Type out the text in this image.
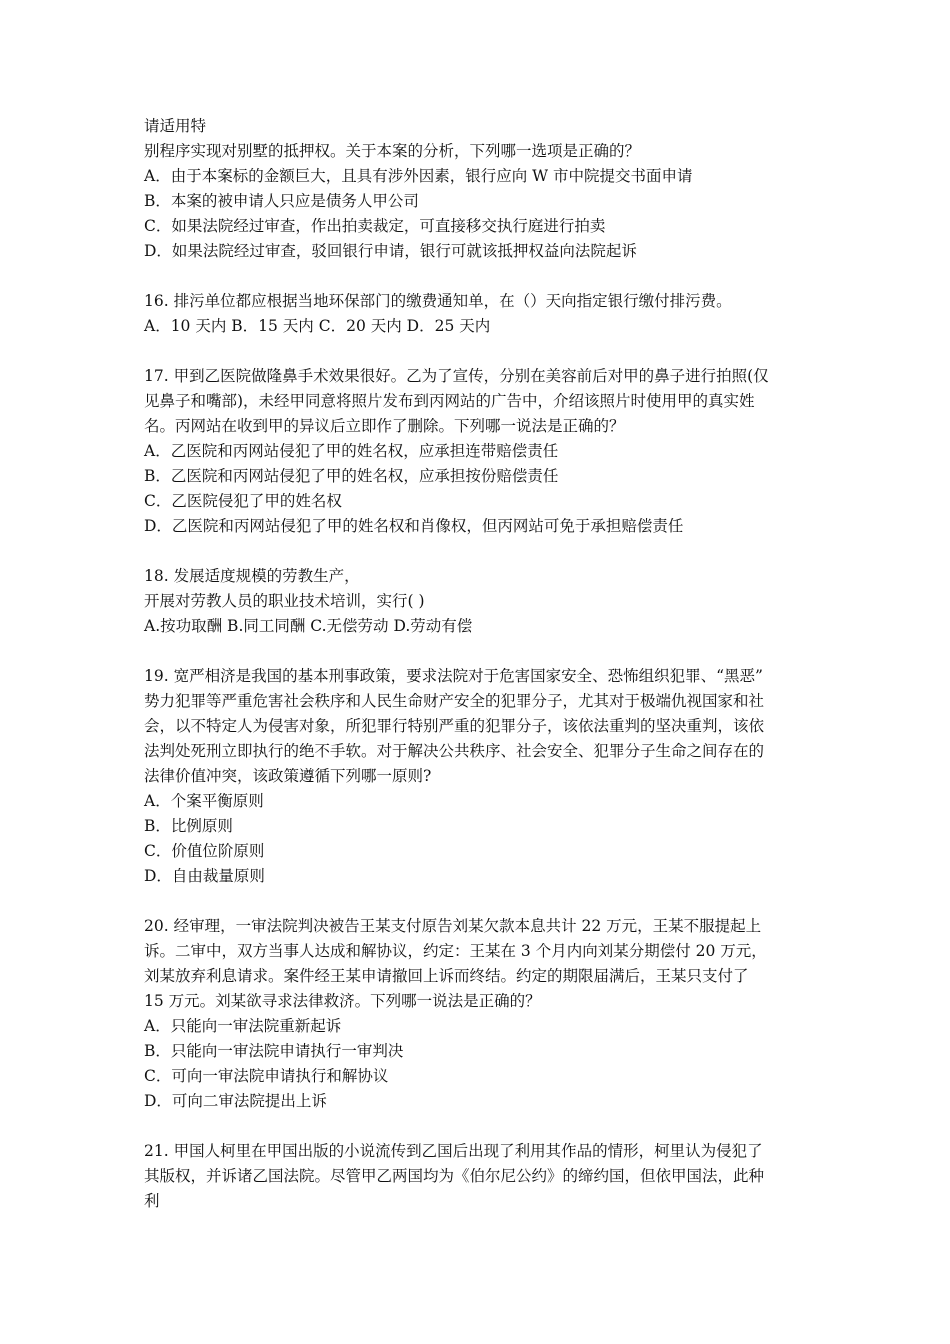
请适用特
别程序实现对别墅的抵押权。关于本案的分析，下列哪一选项是正确的？
A．由于本案标的金额巨大，且具有涉外因素，银行应向 W 市中院提交书面申请
B．本案的被申请人只应是债务人甲公司
C．如果法院经过审查，作出拍卖裁定，可直接移交执行庭进行拍卖
D．如果法院经过审查，驳回银行申请，银行可就该抵押权益向法院起诉
16. 排污单位都应根据当地环保部门的缴费通知单，在（）天向指定银行缴付排污费。
A．10 天内 B．15 天内 C．20 天内 D．25 天内
17. 甲到乙医院做隆鼻手术效果很好。乙为了宣传，分别在美容前后对甲的鼻子进行拍照(仅
见鼻子和嘴部)，未经甲同意将照片发布到丙网站的广告中，介绍该照片时使用甲的真实姓
名。丙网站在收到甲的异议后立即作了删除。下列哪一说法是正确的？
A．乙医院和丙网站侵犯了甲的姓名权，应承担连带赔偿责任
B．乙医院和丙网站侵犯了甲的姓名权，应承担按份赔偿责任
C．乙医院侵犯了甲的姓名权
D．乙医院和丙网站侵犯了甲的姓名权和肖像权，但丙网站可免于承担赔偿责任
18. 发展适度规模的劳教生产，
开展对劳教人员的职业技术培训，实行( )
A.按功取酬 B.同工同酬 C.无偿劳动 D.劳动有偿
19. 宽严相济是我国的基本刑事政策，要求法院对于危害国家安全、恐怖组织犯罪、“黑恶”
势力犯罪等严重危害社会秩序和人民生命财产安全的犯罪分子，尤其对于极端仇视国家和社
会，以不特定人为侵害对象，所犯罪行特别严重的犯罪分子，该依法重判的坚决重判，该依
法判处死刑立即执行的绝不手软。对于解决公共秩序、社会安全、犯罪分子生命之间存在的
法律价值冲突，该政策遵循下列哪一原则?
A．个案平衡原则
B．比例原则
C．价值位阶原则
D．自由裁量原则
20. 经审理，一审法院判决被告王某支付原告刘某欠款本息共计 22 万元，王某不服提起上
诉。二审中，双方当事人达成和解协议，约定：王某在 3 个月内向刘某分期偿付 20 万元，
刘某放弃利息请求。案件经王某申请撤回上诉而终结。约定的期限届满后，王某只支付了
15 万元。刘某欲寻求法律救济。下列哪一说法是正确的？
A．只能向一审法院重新起诉
B．只能向一审法院申请执行一审判决
C．可向一审法院申请执行和解协议
D．可向二审法院提出上诉
21. 甲国人柯里在甲国出版的小说流传到乙国后出现了利用其作品的情形，柯里认为侵犯了
其版权，并诉诸乙国法院。尽管甲乙两国均为《伯尔尼公约》的缔约国，但依甲国法，此种
利
